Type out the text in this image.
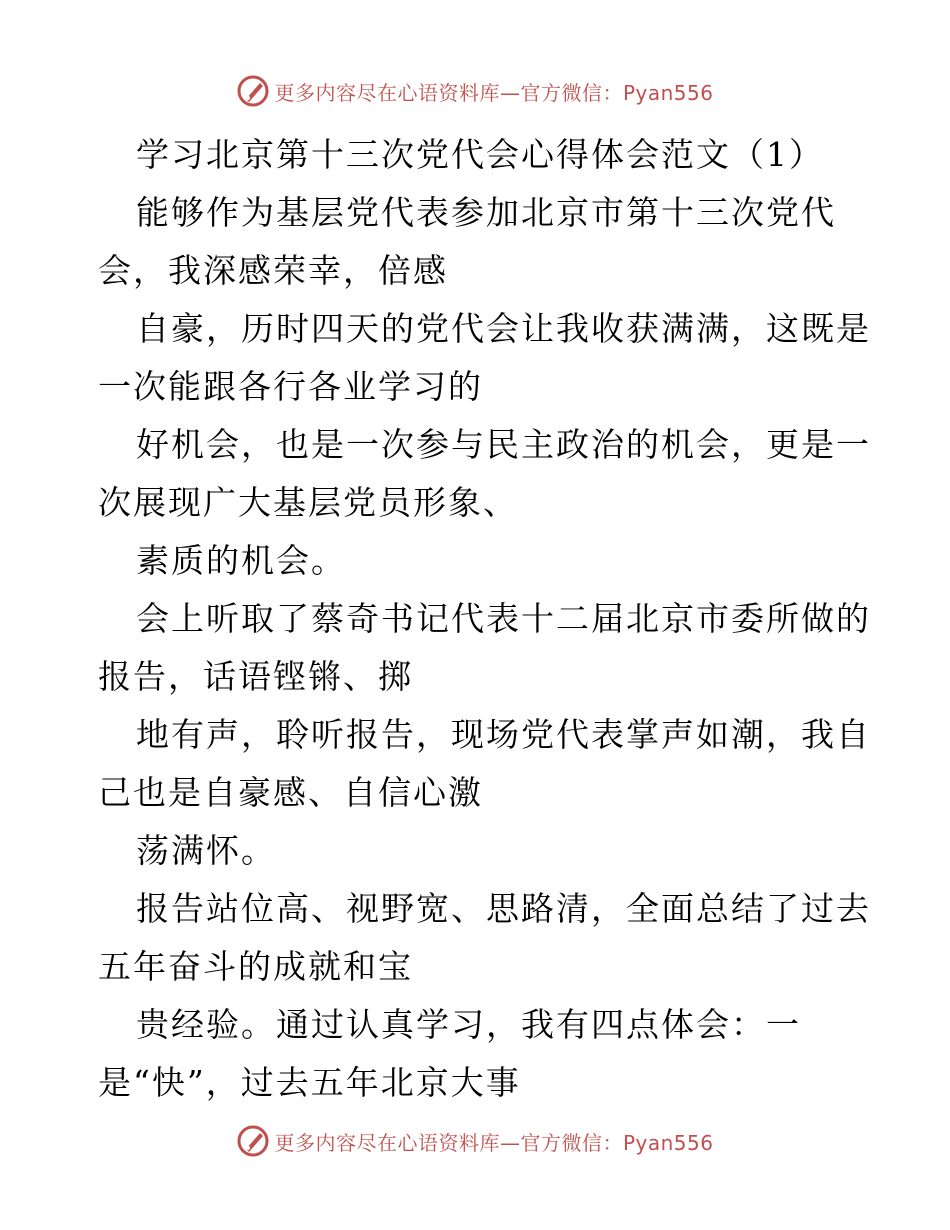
更多内容尽在心语资料库—官方微信：Pyan556
学习北京第十三次党代会心得体会范文（1）
能够作为基层党代表参加北京市第十三次党代
会，我深感荣幸，倍感
自豪，历时四天的党代会让我收获满满，这既是
一次能跟各行各业学习的
好机会，也是一次参与民主政治的机会，更是一
次展现广大基层党员形象、
素质的机会。
会上听取了蔡奇书记代表十二届北京市委所做的
报告，话语铿锵、掷
地有声，聆听报告，现场党代表掌声如潮，我自
己也是自豪感、自信心激
荡满怀。
报告站位高、视野宽、思路清，全面总结了过去
五年奋斗的成就和宝
贵经验。通过认真学习，我有四点体会：一
是“快”，过去五年北京大事
更多内容尽在心语资料库—官方微信：Pyan556
